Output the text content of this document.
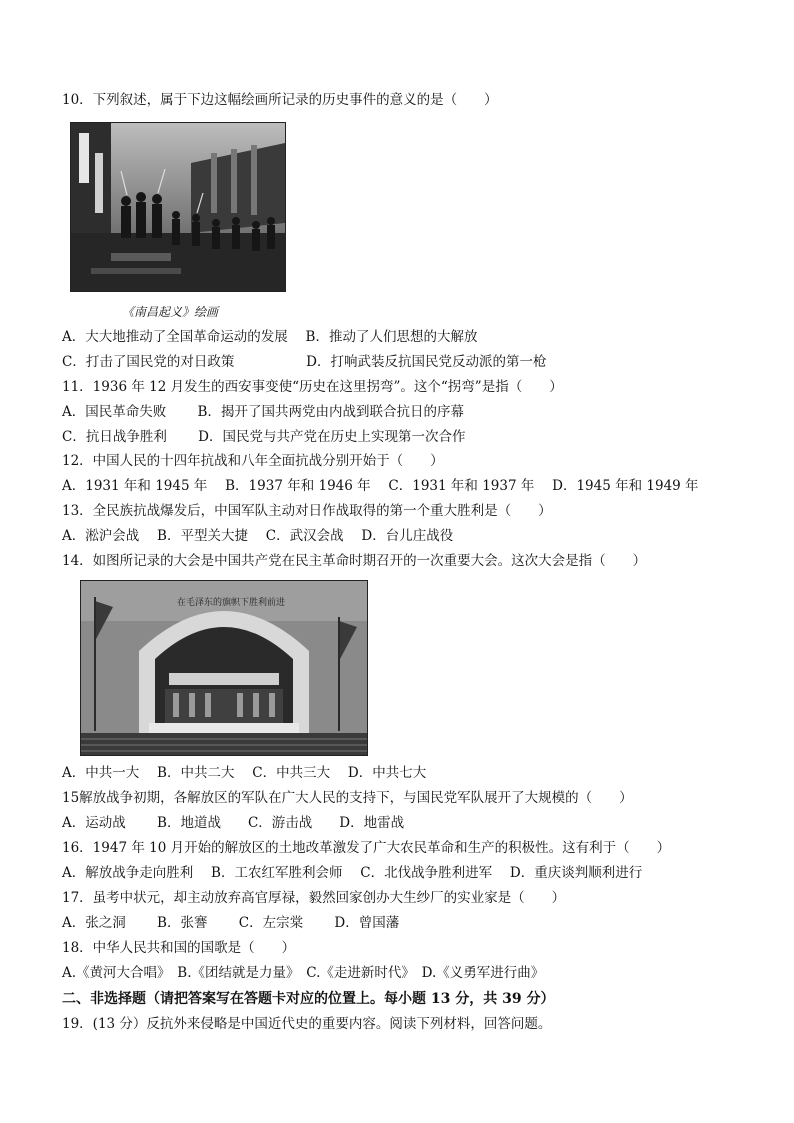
10．下列叙述，属于下边这幅绘画所记录的历史事件的意义的是（　　）
《南昌起义》绘画
A．大大地推动了全国革命运动的发展　 B．推动了人们思想的大解放
C．打击了国民党的对日政策　　　　　 D．打响武装反抗国民党反动派的第一枪
11．1936 年 12 月发生的西安事变使“历史在这里拐弯”。这个“拐弯”是指（　　）
A．国民革命失败　　 B．揭开了国共两党由内战到联合抗日的序幕
C．抗日战争胜利　　 D．国民党与共产党在历史上实现第一次合作
12．中国人民的十四年抗战和八年全面抗战分别开始于（　　）
A．1931 年和 1945 年　 B．1937 年和 1946 年　 C．1931 年和 1937 年　 D．1945 年和 1949 年
13．全民族抗战爆发后，中国军队主动对日作战取得的第一个重大胜利是（　　）
A．淞沪会战　 B．平型关大捷　 C．武汉会战　 D．台儿庄战役
14．如图所记录的大会是中国共产党在民主革命时期召开的一次重要大会。这次大会是指（　　）
在毛泽东的旗帜下胜利前进
A．中共一大　 B．中共二大　 C．中共三大　 D．中共七大
15解放战争初期，各解放区的军队在广大人民的支持下，与国民党军队展开了大规模的（　　）
A．运动战　　 B．地道战　　C．游击战　　D．地雷战
16．1947 年 10 月开始的解放区的土地改革激发了广大农民革命和生产的积极性。这有利于（　　）
A．解放战争走向胜利　 B．工农红军胜利会师　 C．北伐战争胜利进军　 D．重庆谈判顺利进行
17．虽考中状元，却主动放弃高官厚禄，毅然回家创办大生纱厂的实业家是（　　）
A．张之洞　　 B．张謇　　 C．左宗棠　　 D．曾国藩
18．中华人民共和国的国歌是（　　）
A.《黄河大合唱》　B.《团结就是力量》　C.《走进新时代》　D.《义勇军进行曲》
二、非选择题（请把答案写在答题卡对应的位置上。每小题 13 分，共 39 分）
19．(13 分）反抗外来侵略是中国近代史的重要内容。阅读下列材料，回答问题。
